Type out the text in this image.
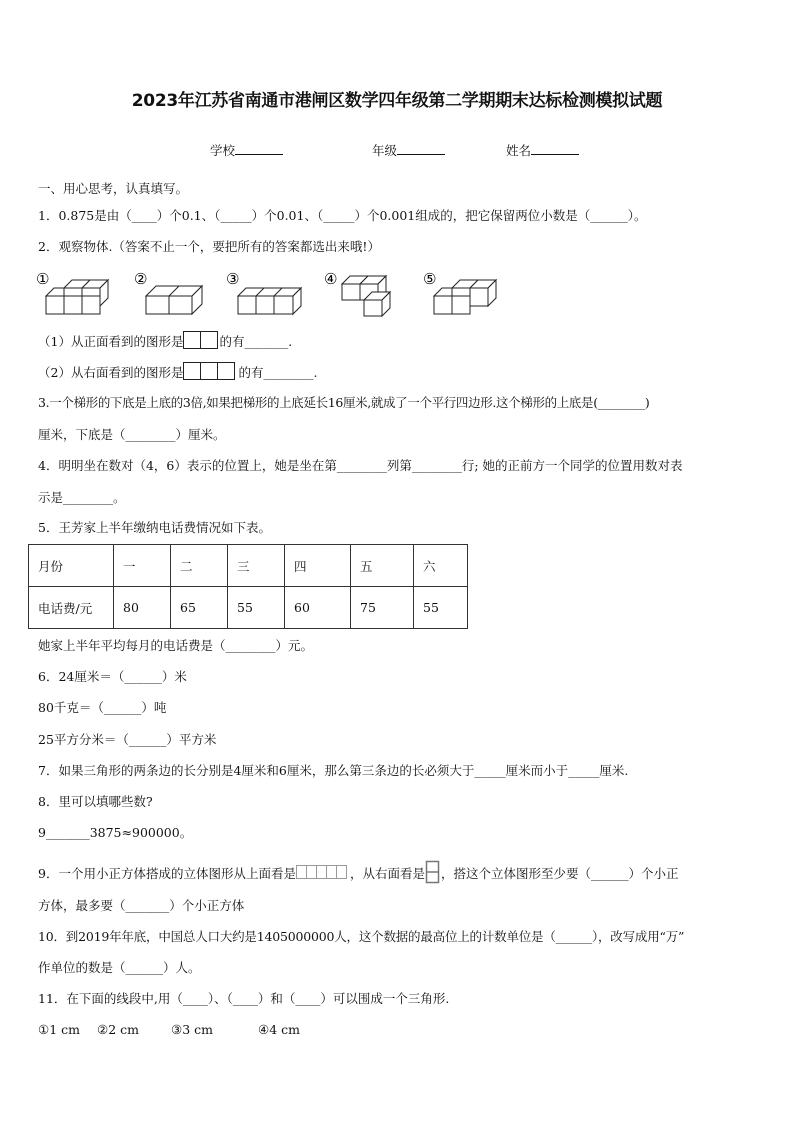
2023年江苏省南通市港闸区数学四年级第二学期期末达标检测模拟试题
学校	年级	姓名
一、用心思考，认真填写。
1．0.875是由（____）个0.1、（_____）个0.01、（_____）个0.001组成的，把它保留两位小数是（______）。
2．观察物体.（答案不止一个，要把所有的答案都选出来哦!）
①	②	③	④	⑤
（1）从正面看到的图形是	的有_______.
（2）从右面看到的图形是	的有________.
3.一个梯形的下底是上底的3倍,如果把梯形的上底延长16厘米,就成了一个平行四边形.这个梯形的上底是(________)
厘米，下底是（________）厘米。
4．明明坐在数对（4，6）表示的位置上，她是坐在第________列第________行; 她的正前方一个同学的位置用数对表
示是________。
5．王芳家上半年缴纳电话费情况如下表。
月份	一	二	三	四	五	六
电话费/元	80	65	55	60	75	55
她家上半年平均每月的电话费是（________）元。
6．24厘米＝（______）米
80千克＝（______）吨
25平方分米＝（______）平方米
7．如果三角形的两条边的长分别是4厘米和6厘米，那么第三条边的长必须大于_____厘米而小于_____厘米.
8．里可以填哪些数?
9_______3875≈900000。
9．一个用小正方体搭成的立体图形从上面看是	，从右面看是 ，搭这个立体图形至少要（______）个小正
方体，最多要（_______）个小正方体
10．到2019年年底，中国总人口大约是1405000000人，这个数据的最高位上的计数单位是（______），改写成用“万”
作单位的数是（______）人。
11．在下面的线段中,用（____）、（____）和（____）可以围成一个三角形.
①1 cm ②2 cm	③3 cm	④4 cm
